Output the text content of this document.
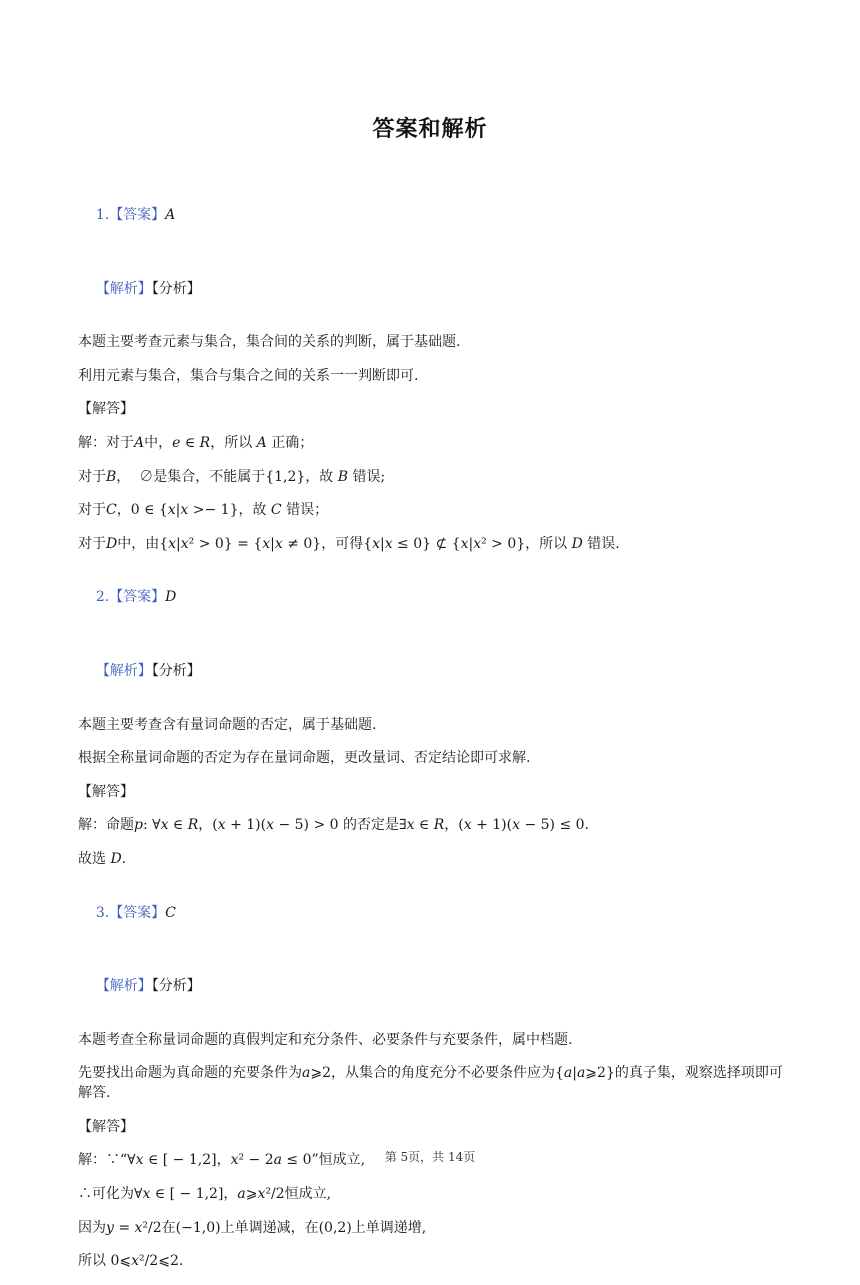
答案和解析

1.【答案】A

【解析】【分析】

本题主要考查元素与集合，集合间的关系的判断，属于基础题.
利用元素与集合，集合与集合之间的关系一一判断即可.
【解答】
解：对于𝐴中，𝑒 ∈ 𝑅，所以 𝐴 正确；
对于𝐵，  ∅是集合，不能属于{1,2}，故 𝐵 错误;
对于𝐶，0 ∈ {𝑥|𝑥 >− 1}，故 𝐶 错误；
对于𝐷中，由{𝑥|𝑥² > 0} = {𝑥|𝑥 ≠ 0}，可得{𝑥|𝑥 ≤ 0} ⊄ {𝑥|𝑥² > 0}，所以 𝐷 错误.

2.【答案】D

【解析】【分析】

本题主要考查含有量词命题的否定，属于基础题.
根据全称量词命题的否定为存在量词命题，更改量词、否定结论即可求解.
【解答】
解：命题𝑝: ∀𝑥 ∈ 𝑅，(𝑥 + 1)(𝑥 − 5) > 0 的否定是∃𝑥 ∈ 𝑅，(𝑥 + 1)(𝑥 − 5) ≤ 0.
故选 𝐷.

3.【答案】C

【解析】【分析】

本题考查全称量词命题的真假判定和充分条件、必要条件与充要条件，属中档题.
先要找出命题为真命题的充要条件为𝑎⩾2，从集合的角度充分不必要条件应为{𝑎|𝑎⩾2}的真子集，观察选择项即可解答.
【解答】
解：∵“∀𝑥 ∈ [ − 1,2]，𝑥² − 2𝑎 ≤ 0”恒成立,
∴可化为∀𝑥 ∈ [ − 1,2]，𝑎⩾𝑥²/2恒成立,
因为𝑦 = 𝑥²/2在(−1,0)上单调递减，在(0,2)上单调递增,
所以 0⩽𝑥²/2⩽2.
第 5页，共 14页
